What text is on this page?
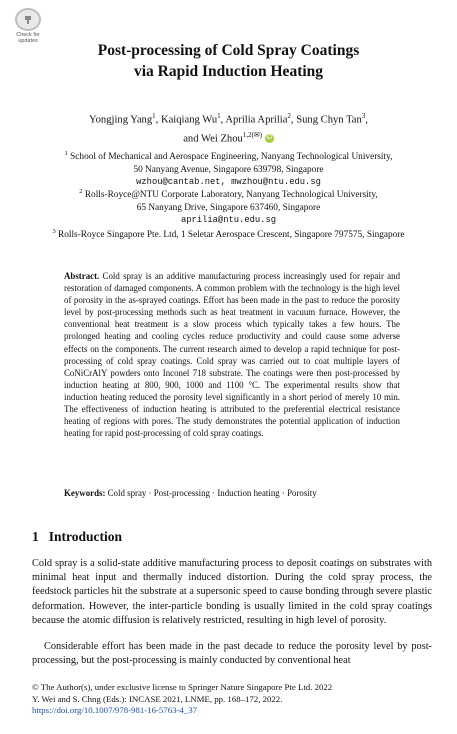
Check for updates
Post-processing of Cold Spray Coatings
via Rapid Induction Heating
Yongjing Yang$^1$, Kaiqiang Wu$^1$, Aprilia Aprilia$^2$, Sung Chyn Tan$^3$,
and Wei Zhou$^{1,2(✉)}$ iD
$^1$ School of Mechanical and Aerospace Engineering, Nanyang Technological University,
50 Nanyang Avenue, Singapore 639798, Singapore
wzhou@cantab.net, mwzhou@ntu.edu.sg
$^2$ Rolls-Royce@NTU Corporate Laboratory, Nanyang Technological University,
65 Nanyang Drive, Singapore 637460, Singapore
aprilia@ntu.edu.sg
$^3$ Rolls-Royce Singapore Pte. Ltd, 1 Seletar Aerospace Crescent, Singapore 797575, Singapore
Abstract. Cold spray is an additive manufacturing process increasingly used for repair and restoration of damaged components. A common problem with the technology is the high level of porosity in the as-sprayed coatings. Effort has been made in the past to reduce the porosity level by post-processing methods such as heat treatment in vacuum furnace. However, the conventional heat treatment is a slow process which typically takes a few hours. The prolonged heating and cooling cycles reduce productivity and could cause some adverse effects on the components. The current research aimed to develop a rapid technique for post-processing of cold spray coatings. Cold spray was carried out to coat multiple layers of CoNiCrAlY powders onto Inconel 718 substrate. The coatings were then post-processed by induction heating at 800, 900, 1000 and 1100 °C. The experimental results show that induction heating reduced the porosity level significantly in a short period of merely 10 min. The effectiveness of induction heating is attributed to the preferential electrical resistance heating of regions with pores. The study demonstrates the potential application of induction heating for rapid post-processing of cold spray coatings.
Keywords: Cold spray · Post-processing · Induction heating · Porosity
1 Introduction
Cold spray is a solid-state additive manufacturing process to deposit coatings on substrates with minimal heat input and thermally induced distortion. During the cold spray process, the feedstock particles hit the substrate at a supersonic speed to cause bonding through severe plastic deformation. However, the inter-particle bonding is usually limited in the cold spray coatings because the atomic diffusion is relatively restricted, resulting in high level of porosity.
Considerable effort has been made in the past decade to reduce the porosity level by post-processing, but the post-processing is mainly conducted by conventional heat
© The Author(s), under exclusive license to Springer Nature Singapore Pte Ltd. 2022
Y. Wei and S. Chng (Eds.): INCASE 2021, LNME, pp. 168–172, 2022.
https://doi.org/10.1007/978-981-16-5763-4_37
